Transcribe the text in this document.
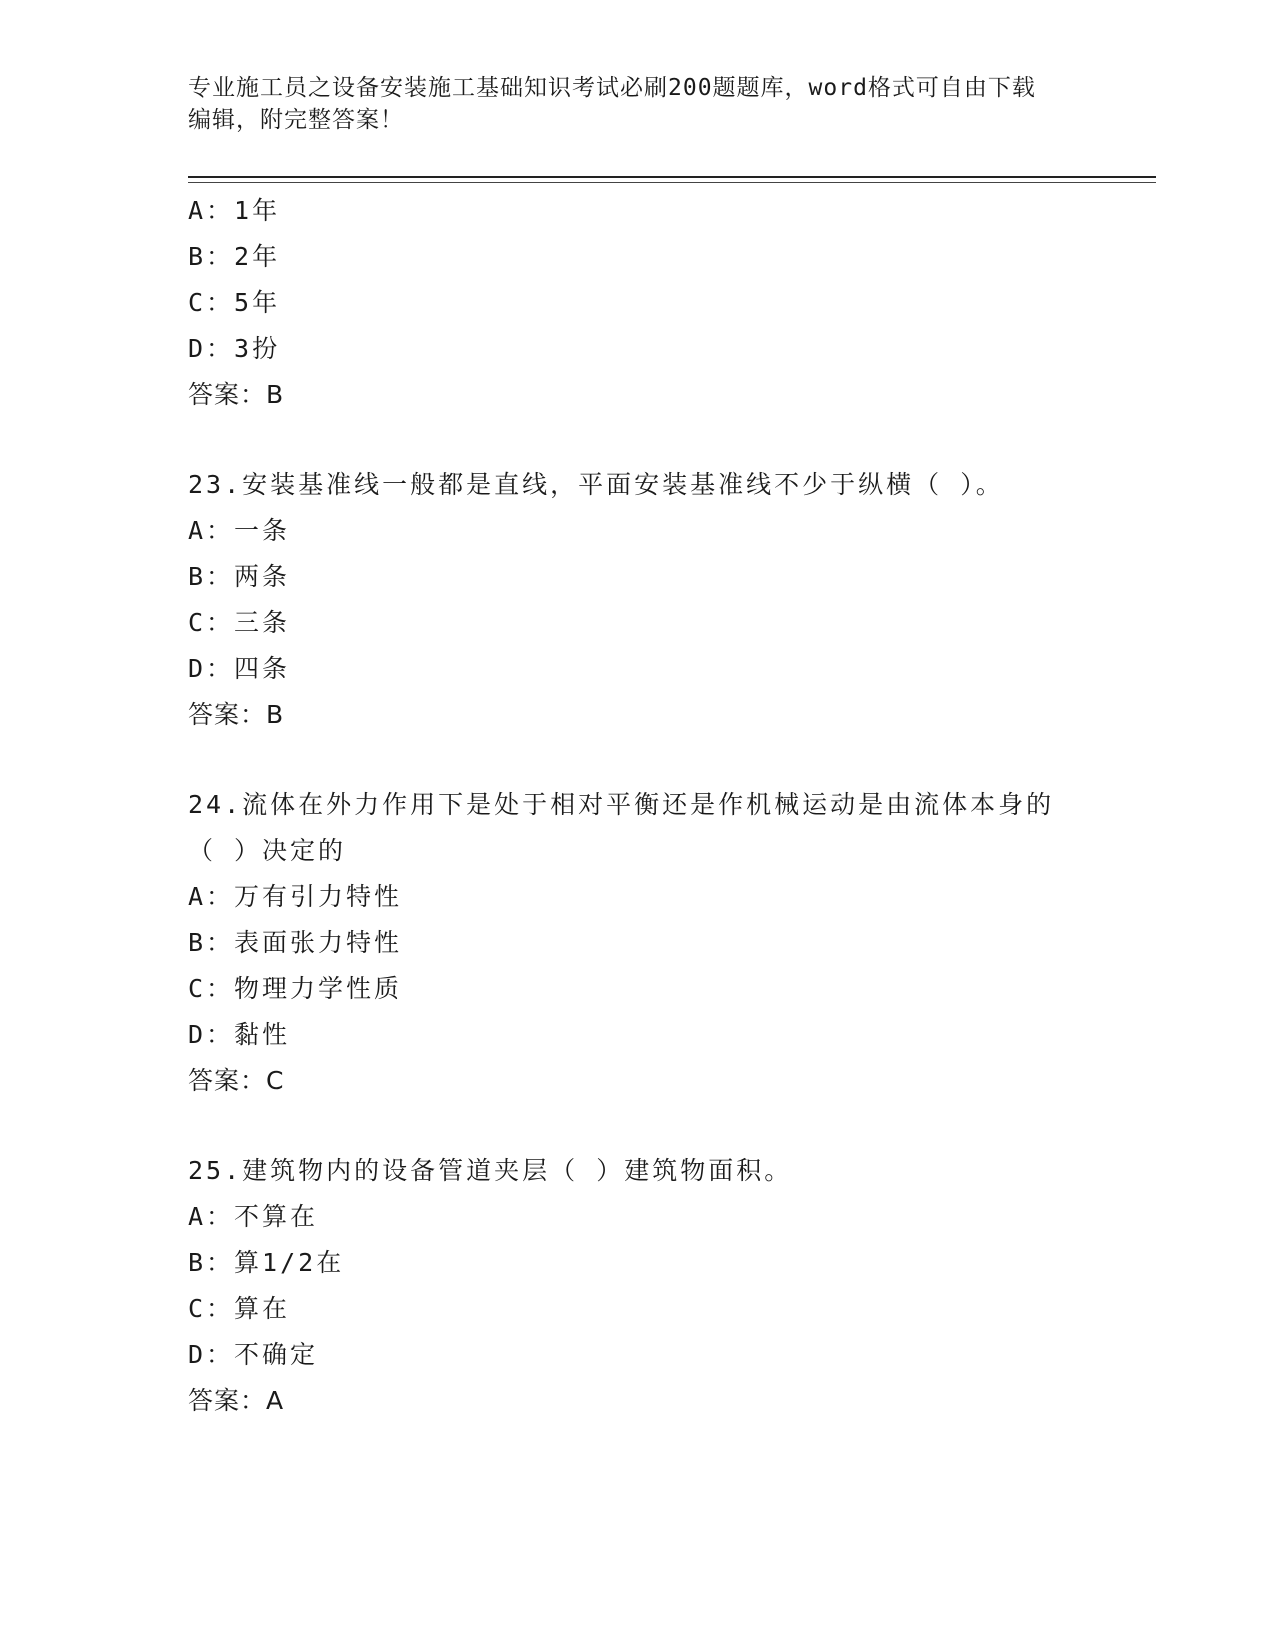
专业施工员之设备安装施工基础知识考试必刷200题题库，word格式可自由下载
编辑，附完整答案！
A：1年
B：2年
C：5年
D：3扮
答案：B
23.安装基准线一般都是直线，平面安装基准线不少于纵横（ ）。
A：一条
B：两条
C：三条
D：四条
答案：B
24.流体在外力作用下是处于相对平衡还是作机械运动是由流体本身的
（ ）决定的
A：万有引力特性
B：表面张力特性
C：物理力学性质
D：黏性
答案：C
25.建筑物内的设备管道夹层（ ）建筑物面积。
A：不算在
B：算1/2在
C：算在
D：不确定
答案：A
